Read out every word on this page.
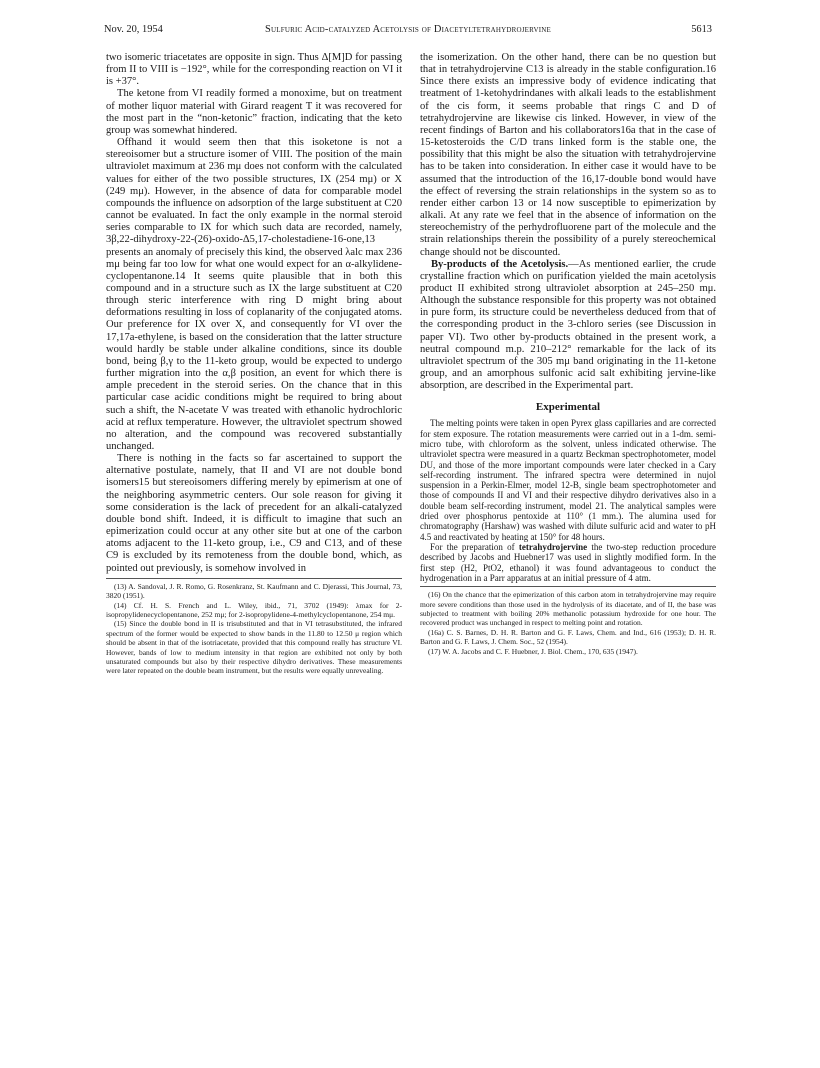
Nov. 20, 1954	Sulfuric Acid-catalyzed Acetolysis of Diacetyltetrahydrojervine	5613

two isomeric triacetates are opposite in sign. Thus Δ[M]D for passing from II to VIII is −192°, while for the corresponding reaction on VI it is +37°.

The ketone from VI readily formed a monoxime, but on treatment of mother liquor material with Girard reagent T it was recovered for the most part in the “non-ketonic” fraction, indicating that the keto group was somewhat hindered.

Offhand it would seem then that this isoketone is not a stereoisomer but a structure isomer of VIII. The position of the main ultraviolet maximum at 236 mμ does not conform with the calculated values for either of the two possible structures, IX (254 mμ) or X (249 mμ). However, in the absence of data for comparable model compounds the influence on adsorption of the large substituent at C20 cannot be evaluated. In fact the only example in the normal steroid series comparable to IX for which such data are recorded, namely, 3β,22-dihydroxy-22-(26)-oxido-Δ5,17-cholestadiene-16-one,13 presents an anomaly of precisely this kind, the observed λalc max 236 mμ being far too low for what one would expect for an α-alkylidene-cyclopentanone.14 It seems quite plausible that in both this compound and in a structure such as IX the large substituent at C20 through steric interference with ring D might bring about deformations resulting in loss of coplanarity of the conjugated atoms. Our preference for IX over X, and consequently for VI over the 17,17a-ethylene, is based on the consideration that the latter structure would hardly be stable under alkaline conditions, since its double bond, being β,γ to the 11-keto group, would be expected to undergo further migration into the α,β position, an event for which there is ample precedent in the steroid series. On the chance that in this particular case acidic conditions might be required to bring about such a shift, the N-acetate V was treated with ethanolic hydrochloric acid at reflux temperature. However, the ultraviolet spectrum showed no alteration, and the compound was recovered substantially unchanged.

There is nothing in the facts so far ascertained to support the alternative postulate, namely, that II and VI are not double bond isomers15 but stereoisomers differing merely by epimerism at one of the neighboring asymmetric centers. Our sole reason for giving it some consideration is the lack of precedent for an alkali-catalyzed double bond shift. Indeed, it is difficult to imagine that such an epimerization could occur at any other site but at one of the carbon atoms adjacent to the 11-keto group, i.e., C9 and C13, and of these C9 is excluded by its remoteness from the double bond, which, as pointed out previously, is somehow involved in

(13) A. Sandoval, J. R. Romo, G. Rosenkranz, St. Kaufmann and C. Djerassi, This Journal, 73, 3820 (1951).

(14) Cf. H. S. French and L. Wiley, ibid., 71, 3702 (1949): λmax for 2-isopropylidenecyclopentanone, 252 mμ; for 2-isopropylidene-4-methylcyclopentanone, 254 mμ.

(15) Since the double bond in II is trisubstituted and that in VI tetrasubstituted, the infrared spectrum of the former would be expected to show bands in the 11.80 to 12.50 μ region which should be absent in that of the isotriacetate, provided that this compound really has structure VI. However, bands of low to medium intensity in that region are exhibited not only by both unsaturated compounds but also by their respective dihydro derivatives. These measurements were later repeated on the double beam instrument, but the results were equally unrevealing.

the isomerization. On the other hand, there can be no question but that in tetrahydrojervine C13 is already in the stable configuration.16 Since there exists an impressive body of evidence indicating that treatment of 1-ketohydrindanes with alkali leads to the establishment of the cis form, it seems probable that rings C and D of tetrahydrojervine are likewise cis linked. However, in view of the recent findings of Barton and his collaborators16a that in the case of 15-ketosteroids the C/D trans linked form is the stable one, the possibility that this might be also the situation with tetrahydrojervine has to be taken into consideration. In either case it would have to be assumed that the introduction of the 16,17-double bond would have the effect of reversing the strain relationships in the system so as to render either carbon 13 or 14 now susceptible to epimerization by alkali. At any rate we feel that in the absence of information on the stereochemistry of the perhydrofluorene part of the molecule and the strain relationships therein the possibility of a purely stereochemical change should not be discounted.

By-products of the Acetolysis.—As mentioned earlier, the crude crystalline fraction which on purification yielded the main acetolysis product II exhibited strong ultraviolet absorption at 245–250 mμ. Although the substance responsible for this property was not obtained in pure form, its structure could be nevertheless deduced from that of the corresponding product in the 3-chloro series (see Discussion in paper VI). Two other by-products obtained in the present work, a neutral compound m.p. 210–212° remarkable for the lack of its ultraviolet spectrum of the 305 mμ band originating in the 11-ketone group, and an amorphous sulfonic acid salt exhibiting jervine-like absorption, are described in the Experimental part.

Experimental

The melting points were taken in open Pyrex glass capillaries and are corrected for stem exposure. The rotation measurements were carried out in a 1-dm. semi-micro tube, with chloroform as the solvent, unless indicated otherwise. The ultraviolet spectra were measured in a quartz Beckman spectrophotometer, model DU, and those of the more important compounds were later checked in a Cary self-recording instrument. The infrared spectra were determined in nujol suspension in a Perkin-Elmer, model 12-B, single beam spectrophotometer and those of compounds II and VI and their respective dihydro derivatives also in a double beam self-recording instrument, model 21. The analytical samples were dried over phosphorus pentoxide at 110° (1 mm.). The alumina used for chromatography (Harshaw) was washed with dilute sulfuric acid and water to pH 4.5 and reactivated by heating at 150° for 48 hours.

For the preparation of tetrahydrojervine the two-step reduction procedure described by Jacobs and Huebner17 was used in slightly modified form. In the first step (H2, PtO2, ethanol) it was found advantageous to conduct the hydrogenation in a Parr apparatus at an initial pressure of 4 atm.

(16) On the chance that the epimerization of this carbon atom in tetrahydrojervine may require more severe conditions than those used in the hydrolysis of its diacetate, and of II, the base was subjected to treatment with boiling 20% methanolic potassium hydroxide for one hour. The recovered product was unchanged in respect to melting point and rotation.

(16a) C. S. Barnes, D. H. R. Barton and G. F. Laws, Chem. and Ind., 616 (1953); D. H. R. Barton and G. F. Laws, J. Chem. Soc., 52 (1954).

(17) W. A. Jacobs and C. F. Huebner, J. Biol. Chem., 170, 635 (1947).
